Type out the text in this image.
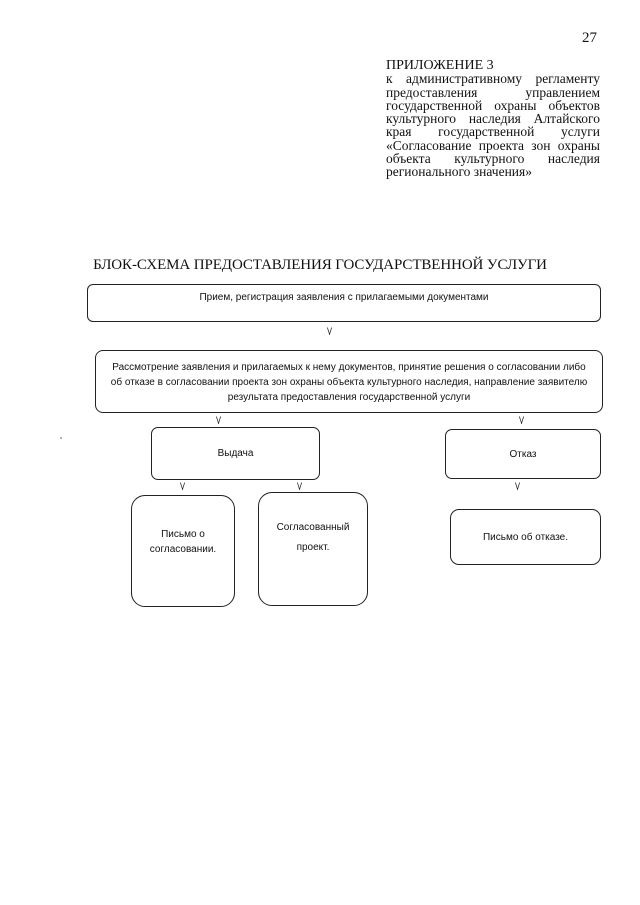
27
ПРИЛОЖЕНИЕ 3
к административному регламенту предоставления управлением государственной охраны объектов культурного наследия Алтайского края государственной услуги «Согласование проекта зон охраны объекта культурного наследия регионального значения»
БЛОК-СХЕМА ПРЕДОСТАВЛЕНИЯ ГОСУДАРСТВЕННОЙ УСЛУГИ
Прием, регистрация заявления с прилагаемыми документами
\/
Рассмотрение заявления и прилагаемых к нему документов, принятие решения о согласовании либо об отказе в согласовании проекта зон охраны объекта культурного наследия, направление заявителю результата предоставления государственной услуги
\/	\/
Выдача	Отказ
\/	\/	\/
Письмо о согласовании.
Согласованный проект.
Письмо об отказе.
